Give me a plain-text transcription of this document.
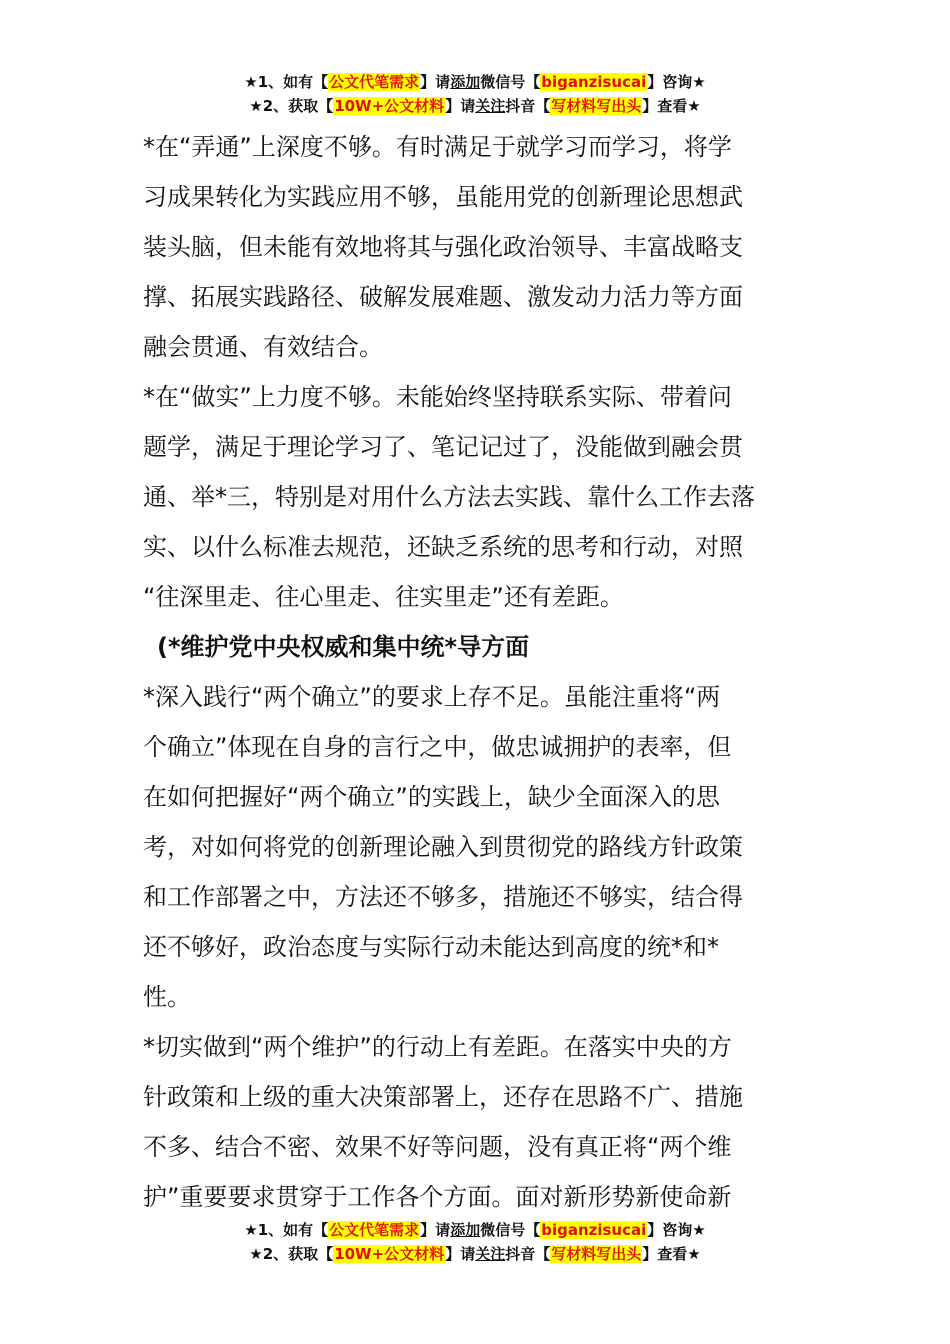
★1、如有【公文代笔需求】请添加微信号【biganzisucai】咨询★
★2、获取【10W+公文材料】请关注抖音【写材料写出头】查看★

*在“弄通”上深度不够。有时满足于就学习而学习，将学

习成果转化为实践应用不够，虽能用党的创新理论思想武

装头脑，但未能有效地将其与强化政治领导、丰富战略支

撑、拓展实践路径、破解发展难题、激发动力活力等方面

融会贯通、有效结合。

*在“做实”上力度不够。未能始终坚持联系实际、带着问

题学，满足于理论学习了、笔记记过了，没能做到融会贯

通、举*三，特别是对用什么方法去实践、靠什么工作去落

实、以什么标准去规范，还缺乏系统的思考和行动，对照

“往深里走、往心里走、往实里走”还有差距。

(*维护党中央权威和集中统*导方面

*深入践行“两个确立”的要求上存不足。虽能注重将“两

个确立”体现在自身的言行之中，做忠诚拥护的表率，但

在如何把握好“两个确立”的实践上，缺少全面深入的思

考，对如何将党的创新理论融入到贯彻党的路线方针政策

和工作部署之中，方法还不够多，措施还不够实，结合得

还不够好，政治态度与实际行动未能达到高度的统*和*

性。

*切实做到“两个维护”的行动上有差距。在落实中央的方

针政策和上级的重大决策部署上，还存在思路不广、措施

不多、结合不密、效果不好等问题，没有真正将“两个维

护”重要要求贯穿于工作各个方面。面对新形势新使命新

★1、如有【公文代笔需求】请添加微信号【biganzisucai】咨询★
★2、获取【10W+公文材料】请关注抖音【写材料写出头】查看★
